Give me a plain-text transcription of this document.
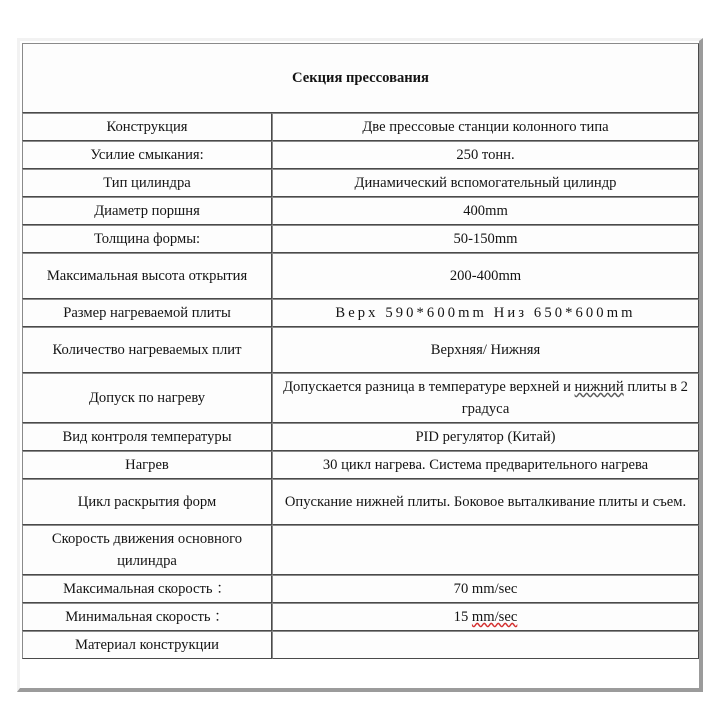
Секция прессования	
Конструкция	Две прессовые станции колонного типа
Усилие смыкания:	250 тонн.
Тип цилиндра	Динамический вспомогательный цилиндр
Диаметр поршня	400mm
Толщина формы:	50-150mm
Максимальная высота открытия	200-400mm
Размер нагреваемой плиты	Верх 590*600mm Низ 650*600mm
Количество нагреваемых плит	Верхняя/ Нижняя
Допуск по нагреву	Допускается разница в температуре верхней и нижний плиты в 2 градуса
Вид контроля температуры	PID регулятор (Китай)
Нагрев	30 цикл нагрева. Система предварительного нагрева
Цикл раскрытия форм	Опускание нижней плиты. Боковое выталкивание плиты и съем.
Скорость движения основного цилиндра	
Максимальная скорость ：	70 mm/sec
Минимальная скорость ：	15 mm/sec
Материал конструкции	
